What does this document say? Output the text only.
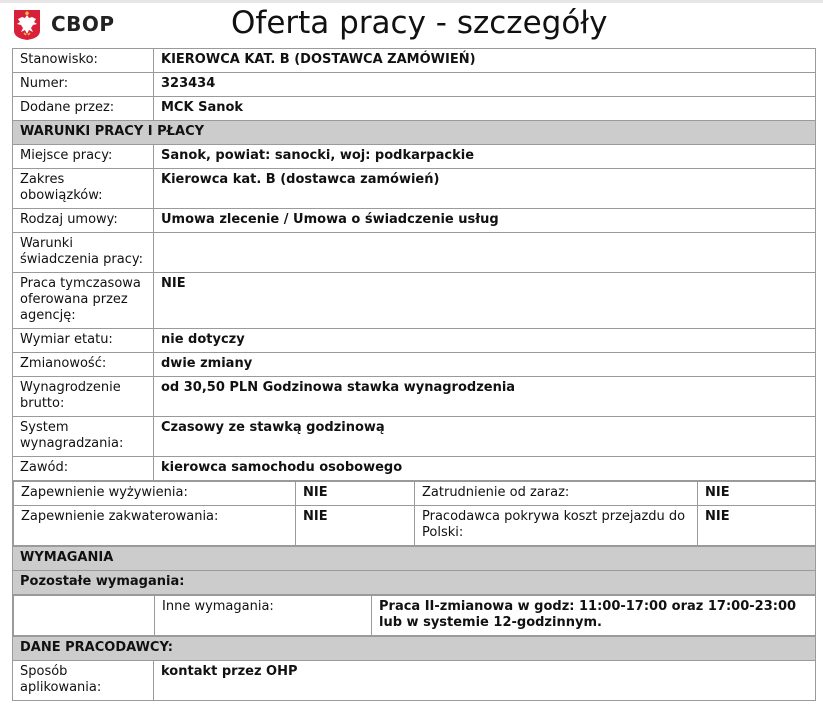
CBOP	Oferta pracy - szczegóły
Stanowisko:	KIEROWCA KAT. B (DOSTAWCA ZAMÓWIEŃ)
Numer:	323434
Dodane przez:	MCK Sanok
WARUNKI PRACY I PŁACY
Miejsce pracy:	Sanok, powiat: sanocki, woj: podkarpackie
Zakres obowiązków:	Kierowca kat. B (dostawca zamówień)
Rodzaj umowy:	Umowa zlecenie / Umowa o świadczenie usług
Warunki świadczenia pracy:	
Praca tymczasowa oferowana przez agencję:	NIE
Wymiar etatu:	nie dotyczy
Zmianowość:	dwie zmiany
Wynagrodzenie brutto:	od 30,50 PLN Godzinowa stawka wynagrodzenia
System wynagradzania:	Czasowy ze stawką godzinową
Zawód:	kierowca samochodu osobowego

Zapewnienie wyżywienia:	NIE	Zatrudnienie od zaraz:	NIE
Zapewnienie zakwaterowania:	NIE	Pracodawca pokrywa koszt przejazdu do Polski:	NIE

WYMAGANIA
Pozostałe wymagania:

	Inne wymagania:	Praca II-zmianowa w godz: 11:00-17:00 oraz 17:00-23:00 lub w systemie 12-godzinnym.

DANE PRACODAWCY:
Sposób aplikowania:	kontakt przez OHP
